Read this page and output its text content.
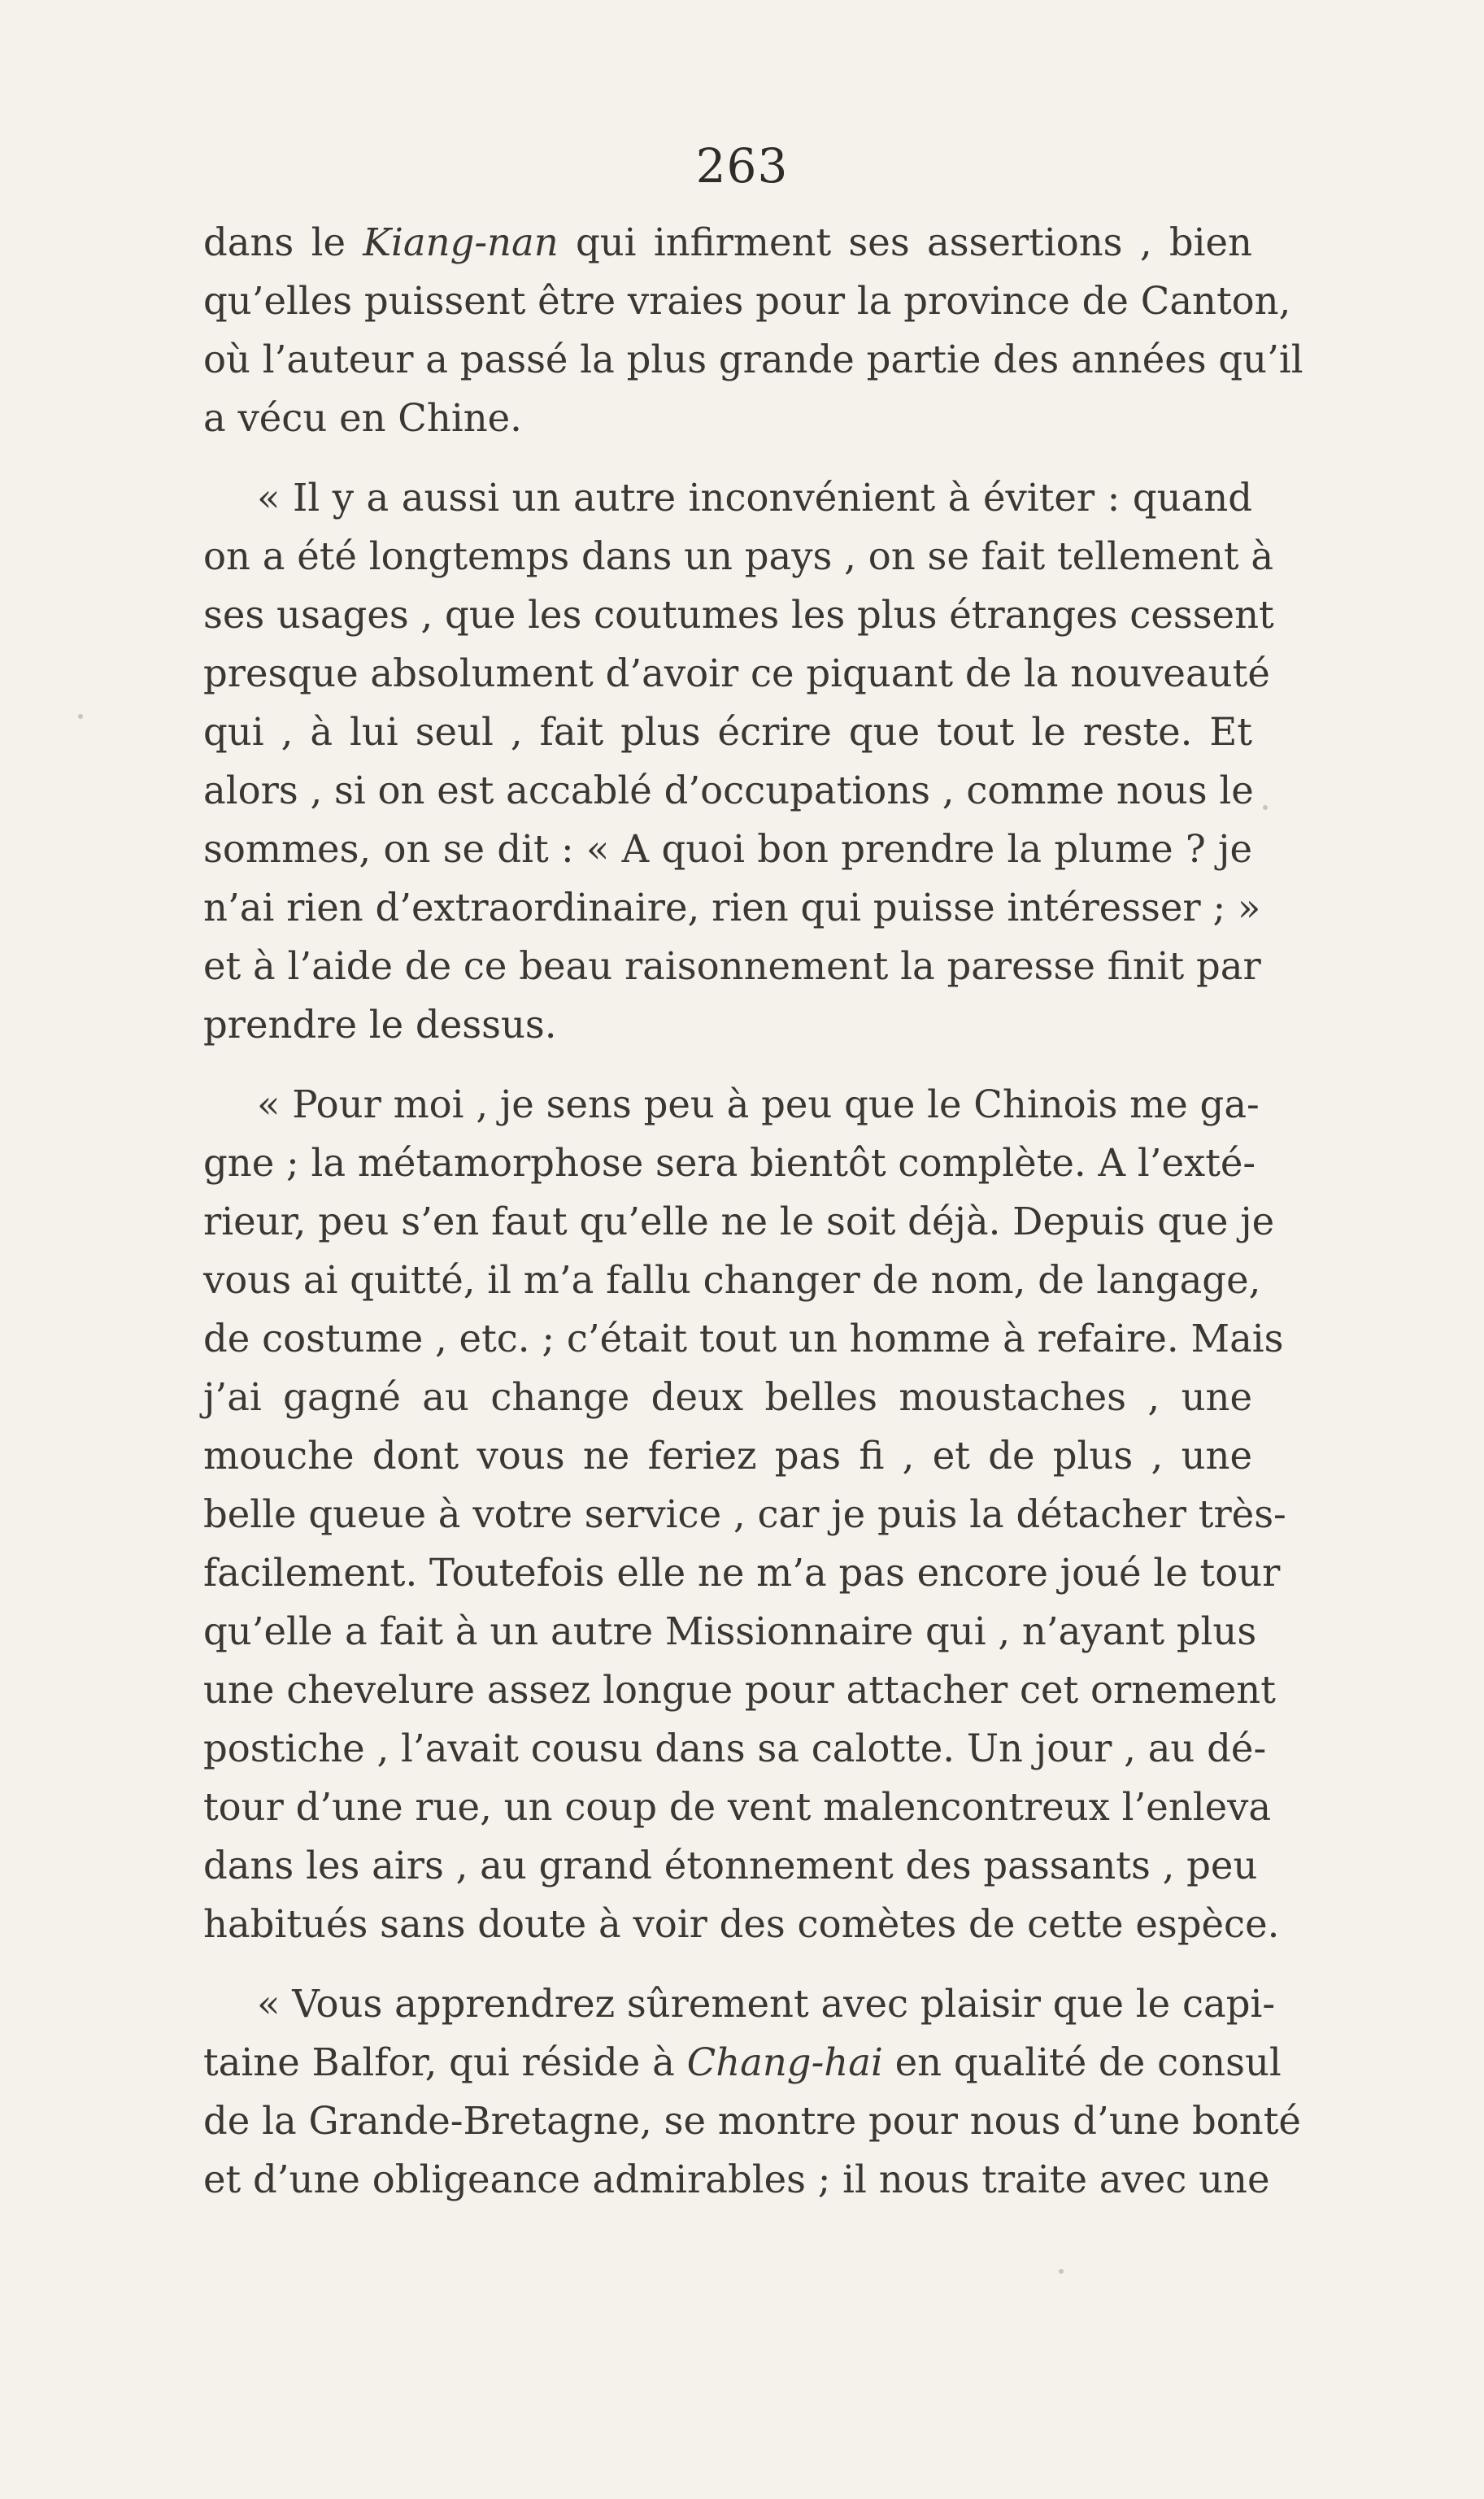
263
dans le Kiang-nan qui infirment ses assertions , bien
qu’elles puissent être vraies pour la province de Canton,
où l’auteur a passé la plus grande partie des années qu’il
a vécu en Chine.
« Il y a aussi un autre inconvénient à éviter : quand
on a été longtemps dans un pays , on se fait tellement à
ses usages , que les coutumes les plus étranges cessent
presque absolument d’avoir ce piquant de la nouveauté
qui , à lui seul , fait plus écrire que tout le reste. Et
alors , si on est accablé d’occupations , comme nous le
sommes, on se dit : « A quoi bon prendre la plume ? je
n’ai rien d’extraordinaire, rien qui puisse intéresser ; »
et à l’aide de ce beau raisonnement la paresse finit par
prendre le dessus.
« Pour moi , je sens peu à peu que le Chinois me ga-
gne ; la métamorphose sera bientôt complète. A l’exté-
rieur, peu s’en faut qu’elle ne le soit déjà. Depuis que je
vous ai quitté, il m’a fallu changer de nom, de langage,
de costume , etc. ; c’était tout un homme à refaire. Mais
j’ai gagné au change deux belles moustaches , une
mouche dont vous ne feriez pas fi , et de plus , une
belle queue à votre service , car je puis la détacher très-
facilement. Toutefois elle ne m’a pas encore joué le tour
qu’elle a fait à un autre Missionnaire qui , n’ayant plus
une chevelure assez longue pour attacher cet ornement
postiche , l’avait cousu dans sa calotte. Un jour , au dé-
tour d’une rue, un coup de vent malencontreux l’enleva
dans les airs , au grand étonnement des passants , peu
habitués sans doute à voir des comètes de cette espèce.
« Vous apprendrez sûrement avec plaisir que le capi-
taine Balfor, qui réside à Chang-hai en qualité de consul
de la Grande-Bretagne, se montre pour nous d’une bonté
et d’une obligeance admirables ; il nous traite avec une
